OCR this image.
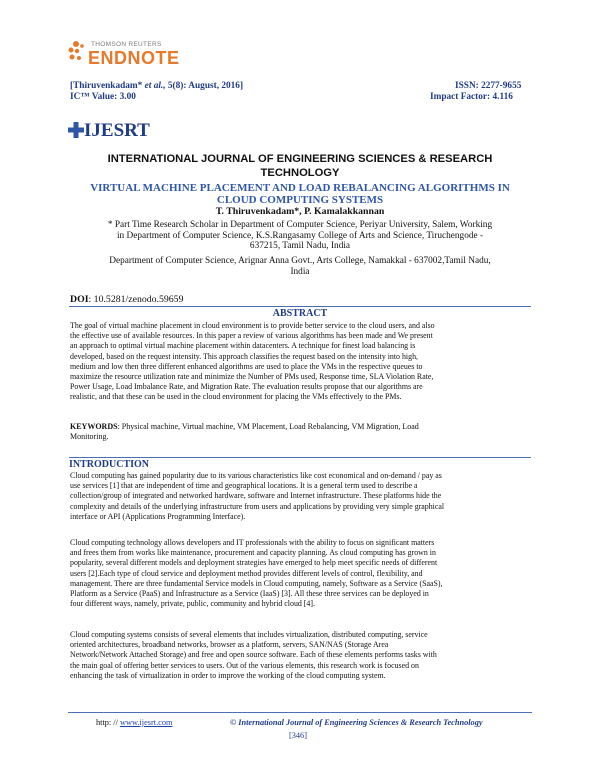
THOMSON REUTERS
ENDNOTE
[Thiruvenkadam* et al., 5(8): August, 2016]
IC™ Value: 3.00
ISSN: 2277-9655
Impact Factor: 4.116
IJESRT
INTERNATIONAL JOURNAL OF ENGINEERING SCIENCES & RESEARCH
TECHNOLOGY
VIRTUAL MACHINE PLACEMENT AND LOAD REBALANCING ALGORITHMS IN
CLOUD COMPUTING SYSTEMS
T. Thiruvenkadam*, P. Kamalakkannan
* Part Time Research Scholar in Department of Computer Science, Periyar University, Salem, Working
in Department of Computer Science, K.S.Rangasamy College of Arts and Science, Tiruchengode -
637215, Tamil Nadu, India
Department of Computer Science, Arignar Anna Govt., Arts College, Namakkal - 637002,Tamil Nadu,
India
DOI: 10.5281/zenodo.59659
ABSTRACT
The goal of virtual machine placement in cloud environment is to provide better service to the cloud users, and also
the effective use of available resources. In this paper a review of various algorithms has been made and We present
an approach to optimal virtual machine placement within datacenters. A technique for finest load balancing is
developed, based on the request intensity. This approach classifies the request based on the intensity into high,
medium and low then three different enhanced algorithms are used to place the VMs in the respective queues to
maximize the resource utilization rate and minimize the Number of PMs used, Response time, SLA Violation Rate,
Power Usage, Load Imbalance Rate, and Migration Rate. The evaluation results propose that our algorithms are
realistic, and that these can be used in the cloud environment for placing the VMs effectively to the PMs.
KEYWORDS: Physical machine, Virtual machine, VM Placement, Load Rebalancing, VM Migration, Load
Monitoring.
INTRODUCTION
Cloud computing has gained popularity due to its various characteristics like cost economical and on-demand / pay as
use services [1] that are independent of time and geographical locations. It is a general term used to describe a
collection/group of integrated and networked hardware, software and Internet infrastructure. These platforms hide the
complexity and details of the underlying infrastructure from users and applications by providing very simple graphical
interface or API (Applications Programming Interface).
Cloud computing technology allows developers and IT professionals with the ability to focus on significant matters
and frees them from works like maintenance, procurement and capacity planning. As cloud computing has grown in
popularity, several different models and deployment strategies have emerged to help meet specific needs of different
users [2].Each type of cloud service and deployment method provides different levels of control, flexibility, and
management. There are three fundamental Service models in Cloud computing, namely, Software as a Service (SaaS),
Platform as a Service (PaaS) and Infrastructure as a Service (IaaS) [3]. All these three services can be deployed in
four different ways, namely, private, public, community and hybrid cloud [4].
Cloud computing systems consists of several elements that includes virtualization, distributed computing, service
oriented architectures, broadband networks, browser as a platform, servers, SAN/NAS (Storage Area
Network/Network Attached Storage) and free and open source software. Each of these elements performs tasks with
the main goal of offering better services to users. Out of the various elements, this research work is focused on
enhancing the task of virtualization in order to improve the working of the cloud computing system.
http: // www.ijesrt.com	© International Journal of Engineering Sciences & Research Technology
[346]
